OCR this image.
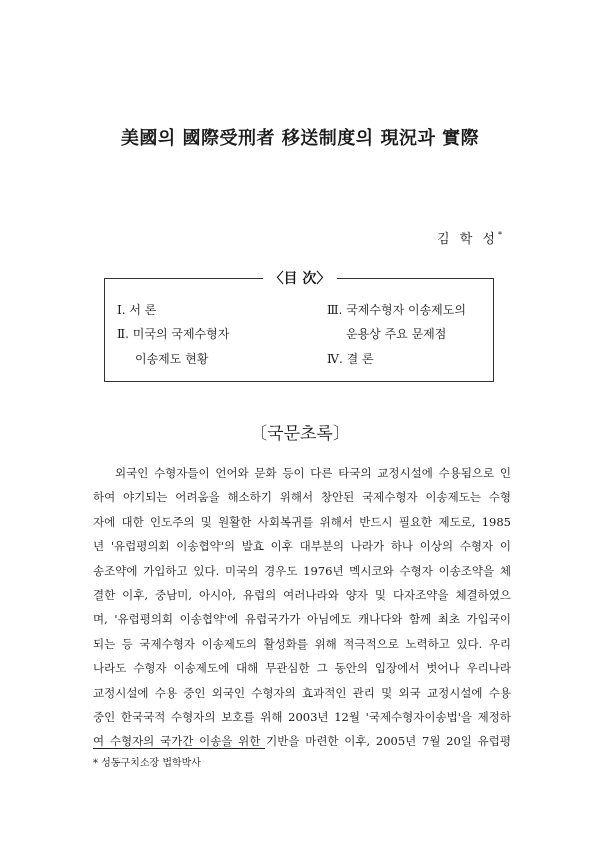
美國의 國際受刑者 移送制度의 現況과 實際
김 학 성*
〈目 次〉
Ⅰ. 서 론
Ⅱ. 미국의 국제수형자
이송제도 현황
Ⅲ. 국제수형자 이송제도의
운용상 주요 문제점
Ⅳ. 결 론
〔국문초록〕
외국인 수형자들이 언어와 문화 등이 다른 타국의 교정시설에 수용됨으로 인
하여 야기되는 어려움을 해소하기 위해서 창안된 국제수형자 이송제도는 수형
자에 대한 인도주의 및 원활한 사회복귀를 위해서 반드시 필요한 제도로, 1985
년 '유럽평의회 이송협약'의 발효 이후 대부분의 나라가 하나 이상의 수형자 이
송조약에 가입하고 있다. 미국의 경우도 1976년 멕시코와 수형자 이송조약을 체
결한 이후, 중남미, 아시아, 유럽의 여러나라와 양자 및 다자조약을 체결하였으
며, '유럽평의회 이송협약'에 유럽국가가 아님에도 캐나다와 함께 최초 가입국이
되는 등 국제수형자 이송제도의 활성화를 위해 적극적으로 노력하고 있다. 우리
나라도 수형자 이송제도에 대해 무관심한 그 동안의 입장에서 벗어나 우리나라
교정시설에 수용 중인 외국인 수형자의 효과적인 관리 및 외국 교정시설에 수용
중인 한국국적 수형자의 보호를 위해 2003년 12월 '국제수형자이송법'을 제정하
여 수형자의 국가간 이송을 위한 기반을 마련한 이후, 2005년 7월 20일 유럽평
* 성동구치소장 법학박사
